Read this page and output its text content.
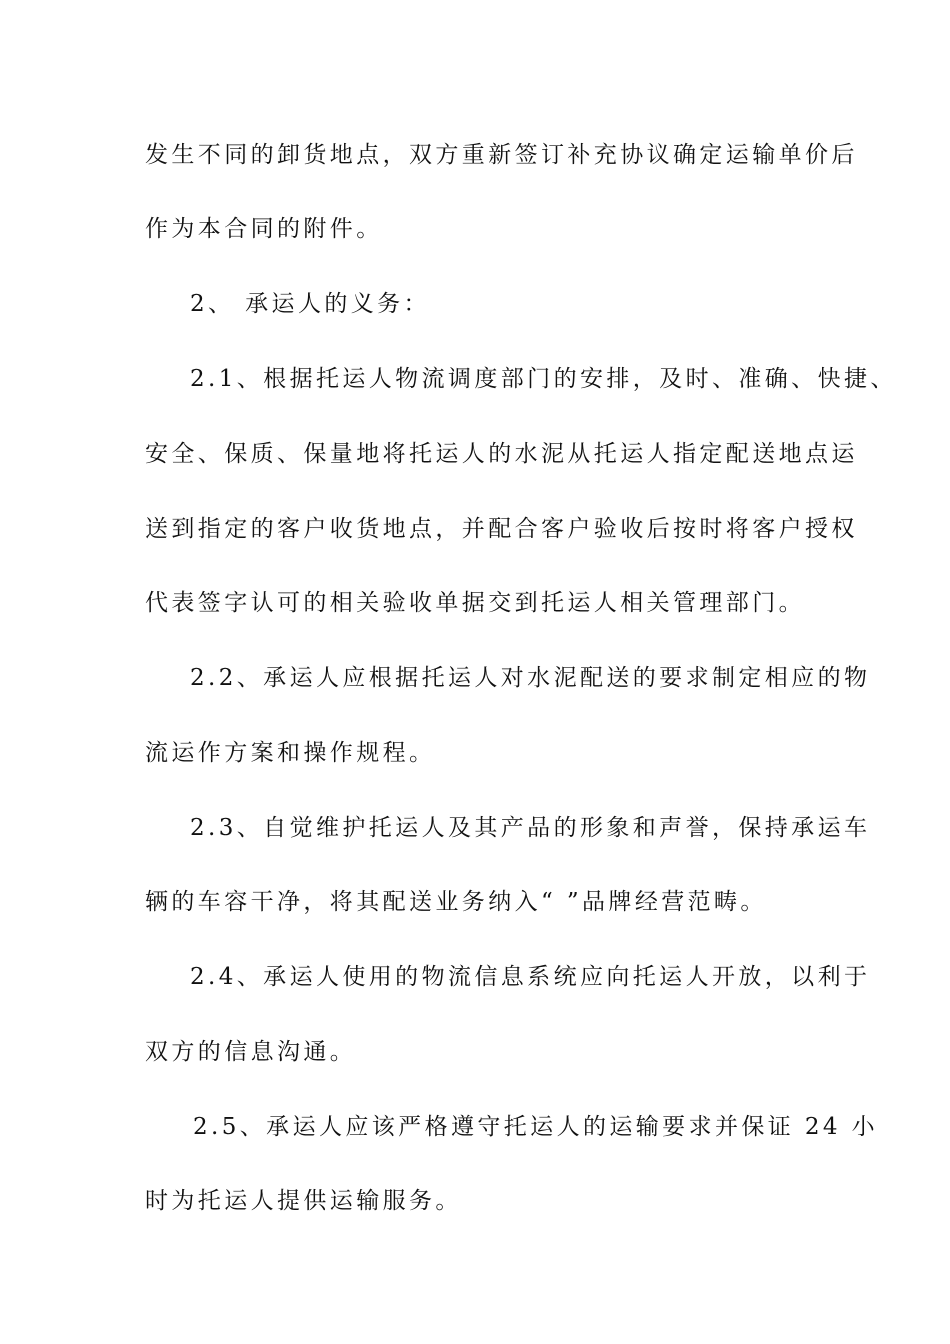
发生不同的卸货地点，双方重新签订补充协议确定运输单价后
作为本合同的附件。
2、 承运人的义务：
2.1、根据托运人物流调度部门的安排，及时、准确、快捷、
安全、保质、保量地将托运人的水泥从托运人指定配送地点运
送到指定的客户收货地点，并配合客户验收后按时将客户授权
代表签字认可的相关验收单据交到托运人相关管理部门。
2.2、承运人应根据托运人对水泥配送的要求制定相应的物
流运作方案和操作规程。
2.3、自觉维护托运人及其产品的形象和声誉，保持承运车
辆的车容干净，将其配送业务纳入“ ”品牌经营范畴。
2.4、承运人使用的物流信息系统应向托运人开放，以利于
双方的信息沟通。
2.5、承运人应该严格遵守托运人的运输要求并保证 24 小
时为托运人提供运输服务。
